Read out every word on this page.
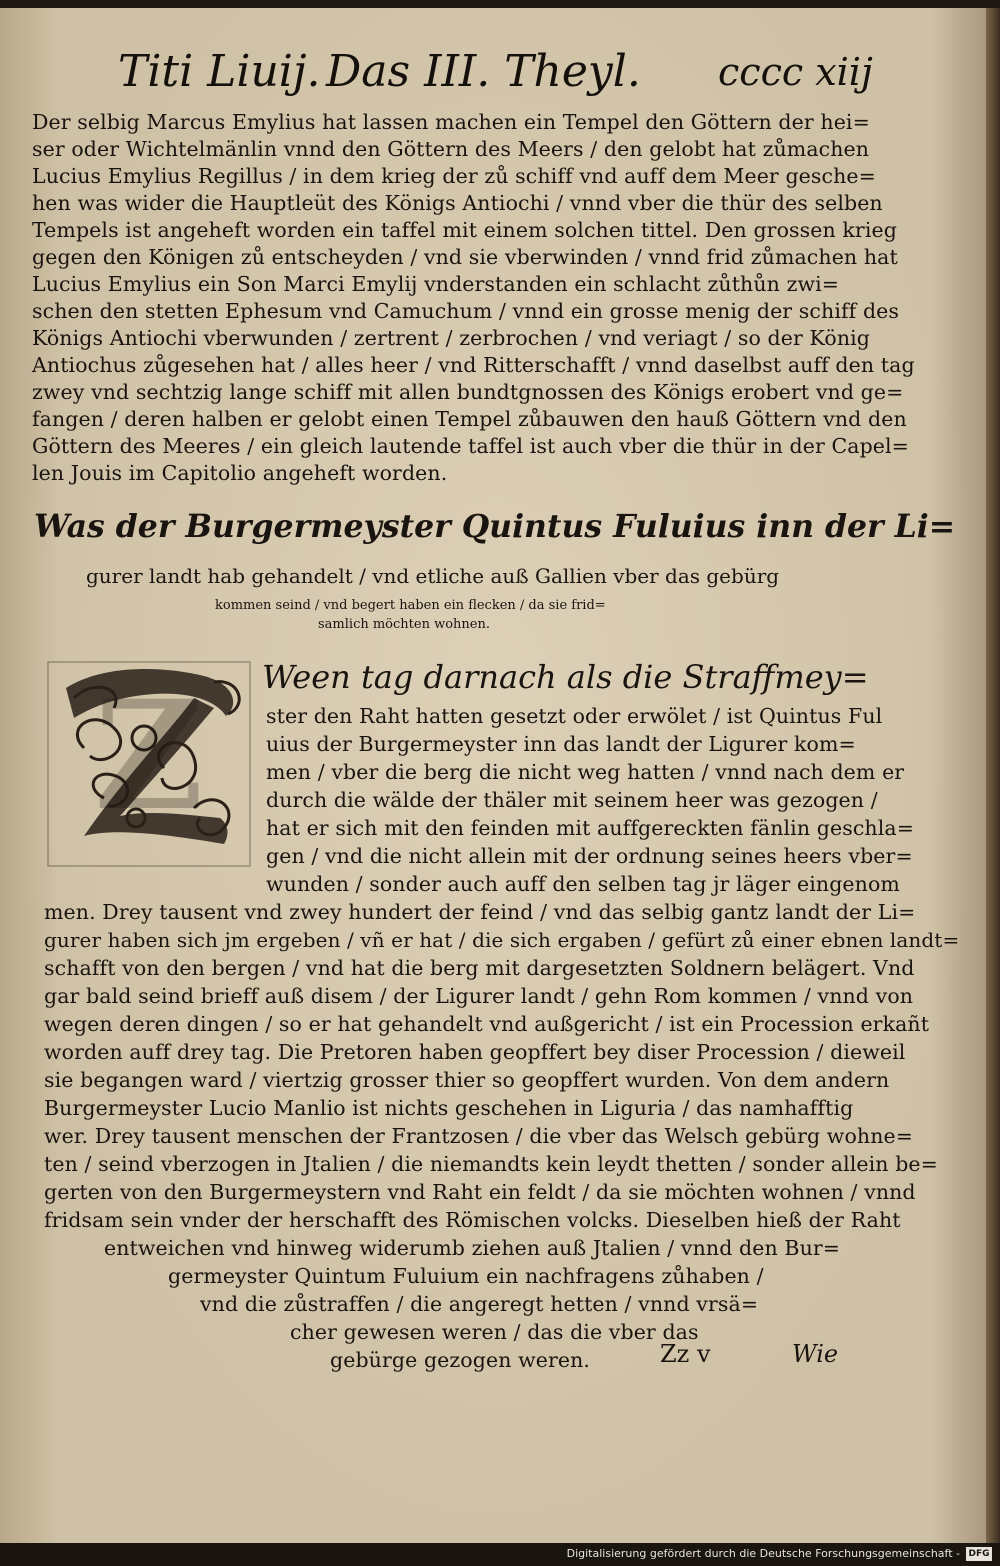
Titi Liuij. Das III. Theyl. cccc xiij
Der selbig Marcus Emylius hat lassen machen ein Tempel den Göttern der hei=
ser oder Wichtelmänlin vnnd den Göttern des Meers / den gelobt hat zůmachen
Lucius Emylius Regillus / in dem krieg der zů schiff vnd auff dem Meer gesche=
hen was wider die Hauptleüt des Königs Antiochi / vnnd vber die thür des selben
Tempels ist angeheft worden ein taffel mit einem solchen tittel. Den grossen krieg
gegen den Königen zů entscheyden / vnd sie vberwinden / vnnd frid zůmachen hat
Lucius Emylius ein Son Marci Emylij vnderstanden ein schlacht zůthůn zwi=
schen den stetten Ephesum vnd Camuchum / vnnd ein grosse menig der schiff des
Königs Antiochi vberwunden / zertrent / zerbrochen / vnd veriagt / so der König
Antiochus zůgesehen hat / alles heer / vnd Ritterschafft / vnnd daselbst auff den tag
zwey vnd sechtzig lange schiff mit allen bundtgnossen des Königs erobert vnd ge=
fangen / deren halben er gelobt einen Tempel zůbauwen den hauß Göttern vnd den
Göttern des Meeres / ein gleich lautende taffel ist auch vber die thür in der Capel=
len Jouis im Capitolio angeheft worden.
Was der Burgermeyster Quintus Fuluius inn der Li=
gurer landt hab gehandelt / vnd etliche auß Gallien vber das gebürg
kommen seind / vnd begert haben ein flecken / da sie frid=
samlich möchten wohnen.
Z Ween tag darnach als die Straffmey=
ster den Raht hatten gesetzt oder erwölet / ist Quintus Ful
uius der Burgermeyster inn das landt der Ligurer kom=
men / vber die berg die nicht weg hatten / vnnd nach dem er
durch die wälde der thäler mit seinem heer was gezogen /
hat er sich mit den feinden mit auffgereckten fänlin geschla=
gen / vnd die nicht allein mit der ordnung seines heers vber=
wunden / sonder auch auff den selben tag jr läger eingenom
men. Drey tausent vnd zwey hundert der feind / vnd das selbig gantz landt der Li=
gurer haben sich jm ergeben / vñ er hat / die sich ergaben / gefürt zů einer ebnen landt=
schafft von den bergen / vnd hat die berg mit dargesetzten Soldnern belägert. Vnd
gar bald seind brieff auß disem / der Ligurer landt / gehn Rom kommen / vnnd von
wegen deren dingen / so er hat gehandelt vnd außgericht / ist ein Procession erkañt
worden auff drey tag. Die Pretoren haben geopffert bey diser Procession / dieweil
sie begangen ward / viertzig grosser thier so geopffert wurden. Von dem andern
Burgermeyster Lucio Manlio ist nichts geschehen in Liguria / das namhafftig
wer. Drey tausent menschen der Frantzosen / die vber das Welsch gebürg wohne=
ten / seind vberzogen in Jtalien / die niemandts kein leydt thetten / sonder allein be=
gerten von den Burgermeystern vnd Raht ein feldt / da sie möchten wohnen / vnnd
fridsam sein vnder der herschafft des Römischen volcks. Dieselben hieß der Raht
entweichen vnd hinweg widerumb ziehen auß Jtalien / vnnd den Bur=
germeyster Quintum Fuluium ein nachfragens zůhaben /
vnd die zůstraffen / die angeregt hetten / vnnd vrsä=
cher gewesen weren / das die vber das
gebürge gezogen weren.	Zz v	Wie
Digitalisierung gefördert durch die Deutsche Forschungsgemeinschaft - DFG
